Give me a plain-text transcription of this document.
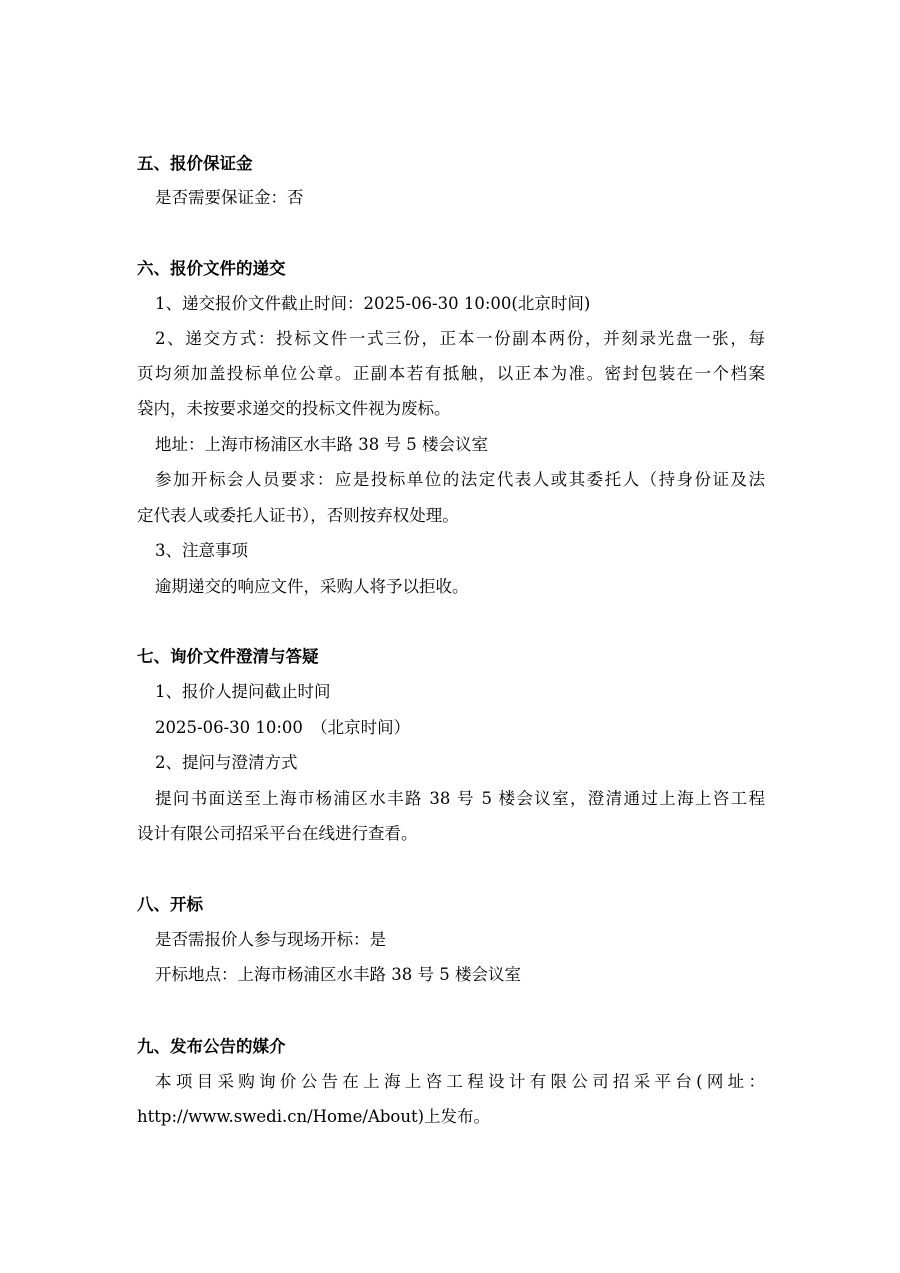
五、报价保证金
是否需要保证金：否
六、报价文件的递交
1、递交报价文件截止时间：2025-06-30 10:00(北京时间)
2、递交方式：投标文件一式三份，正本一份副本两份，并刻录光盘一张，每
页均须加盖投标单位公章。正副本若有抵触，以正本为准。密封包装在一个档案
袋内，未按要求递交的投标文件视为废标。
地址：上海市杨浦区水丰路 38 号 5 楼会议室
参加开标会人员要求：应是投标单位的法定代表人或其委托人（持身份证及法
定代表人或委托人证书），否则按弃权处理。
3、注意事项
逾期递交的响应文件，采购人将予以拒收。
七、询价文件澄清与答疑
1、报价人提问截止时间
2025-06-30 10:00　（北京时间）
2、提问与澄清方式
提问书面送至上海市杨浦区水丰路 38 号 5 楼会议室，澄清通过上海上咨工程
设计有限公司招采平台在线进行查看。
八、开标
是否需报价人参与现场开标：是
开标地点：上海市杨浦区水丰路 38 号 5 楼会议室
九、发布公告的媒介
本项目采购询价公告在上海上咨工程设计有限公司招采平台(网址：
http://www.swedi.cn/Home/About)上发布。
